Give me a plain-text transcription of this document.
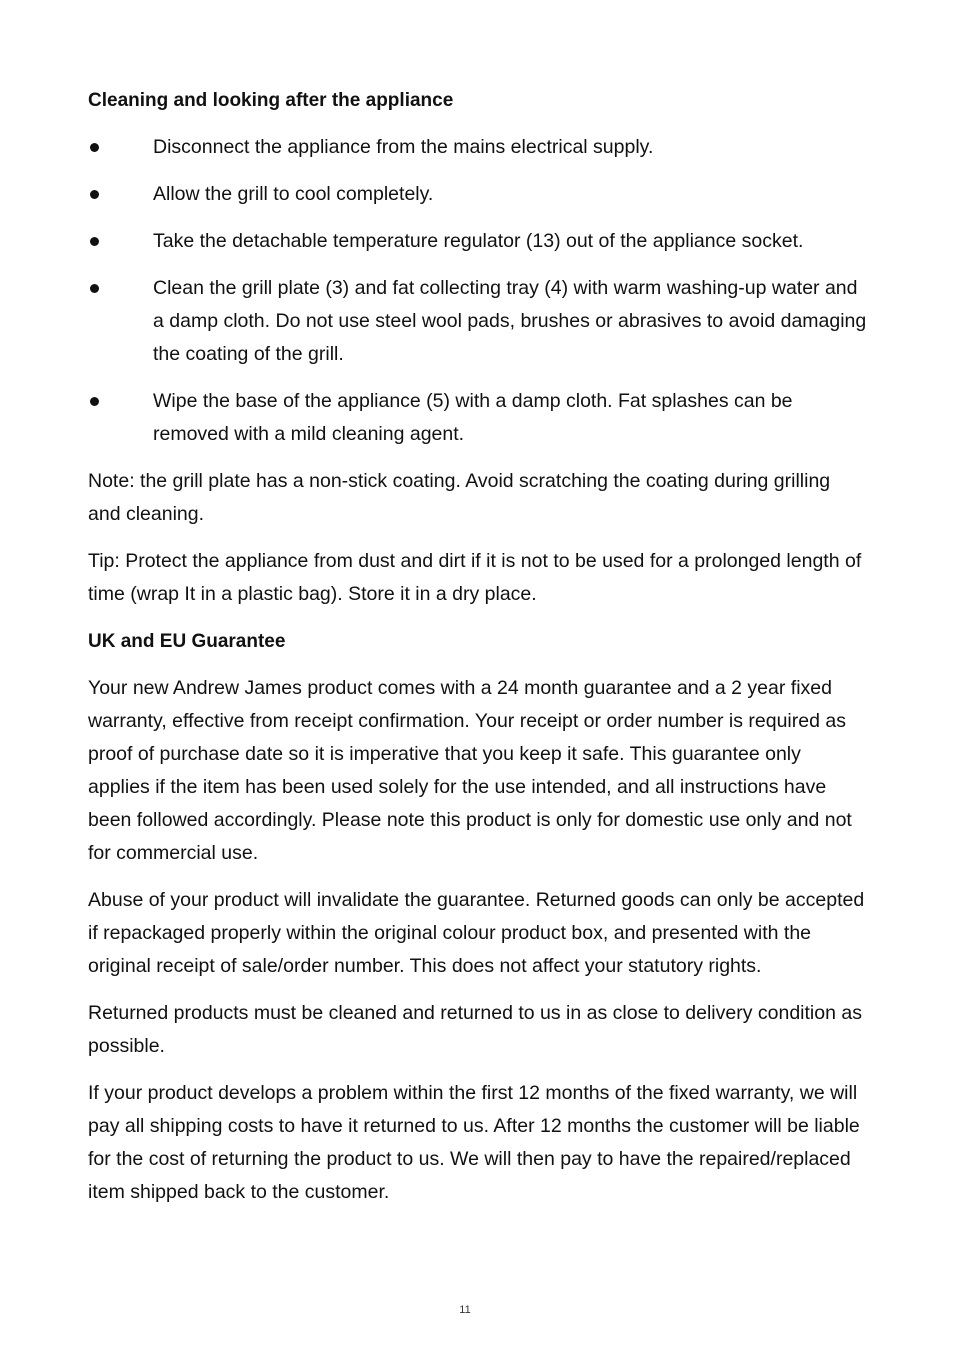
Cleaning and looking after the appliance
Disconnect the appliance from the mains electrical supply.
Allow the grill to cool completely.
Take the detachable temperature regulator (13) out of the appliance socket.
Clean the grill plate (3) and fat collecting tray (4) with warm washing-up water and a damp cloth. Do not use steel wool pads, brushes or abrasives to avoid damaging the coating of the grill.
Wipe the base of the appliance (5) with a damp cloth. Fat splashes can be removed with a mild cleaning agent.

Note: the grill plate has a non-stick coating. Avoid scratching the coating during grilling and cleaning.

Tip: Protect the appliance from dust and dirt if it is not to be used for a prolonged length of time (wrap It in a plastic bag). Store it in a dry place.

UK and EU Guarantee

Your new Andrew James product comes with a 24 month guarantee and a 2 year fixed warranty, effective from receipt confirmation. Your receipt or order number is required as proof of purchase date so it is imperative that you keep it safe. This guarantee only applies if the item has been used solely for the use intended, and all instructions have been followed accordingly. Please note this product is only for domestic use only and not for commercial use.

Abuse of your product will invalidate the guarantee. Returned goods can only be accepted if repackaged properly within the original colour product box, and presented with the original receipt of sale/order number. This does not affect your statutory rights.

Returned products must be cleaned and returned to us in as close to delivery condition as possible.

If your product develops a problem within the first 12 months of the fixed warranty, we will pay all shipping costs to have it returned to us. After 12 months the customer will be liable for the cost of returning the product to us. We will then pay to have the repaired/replaced item shipped back to the customer.

11
